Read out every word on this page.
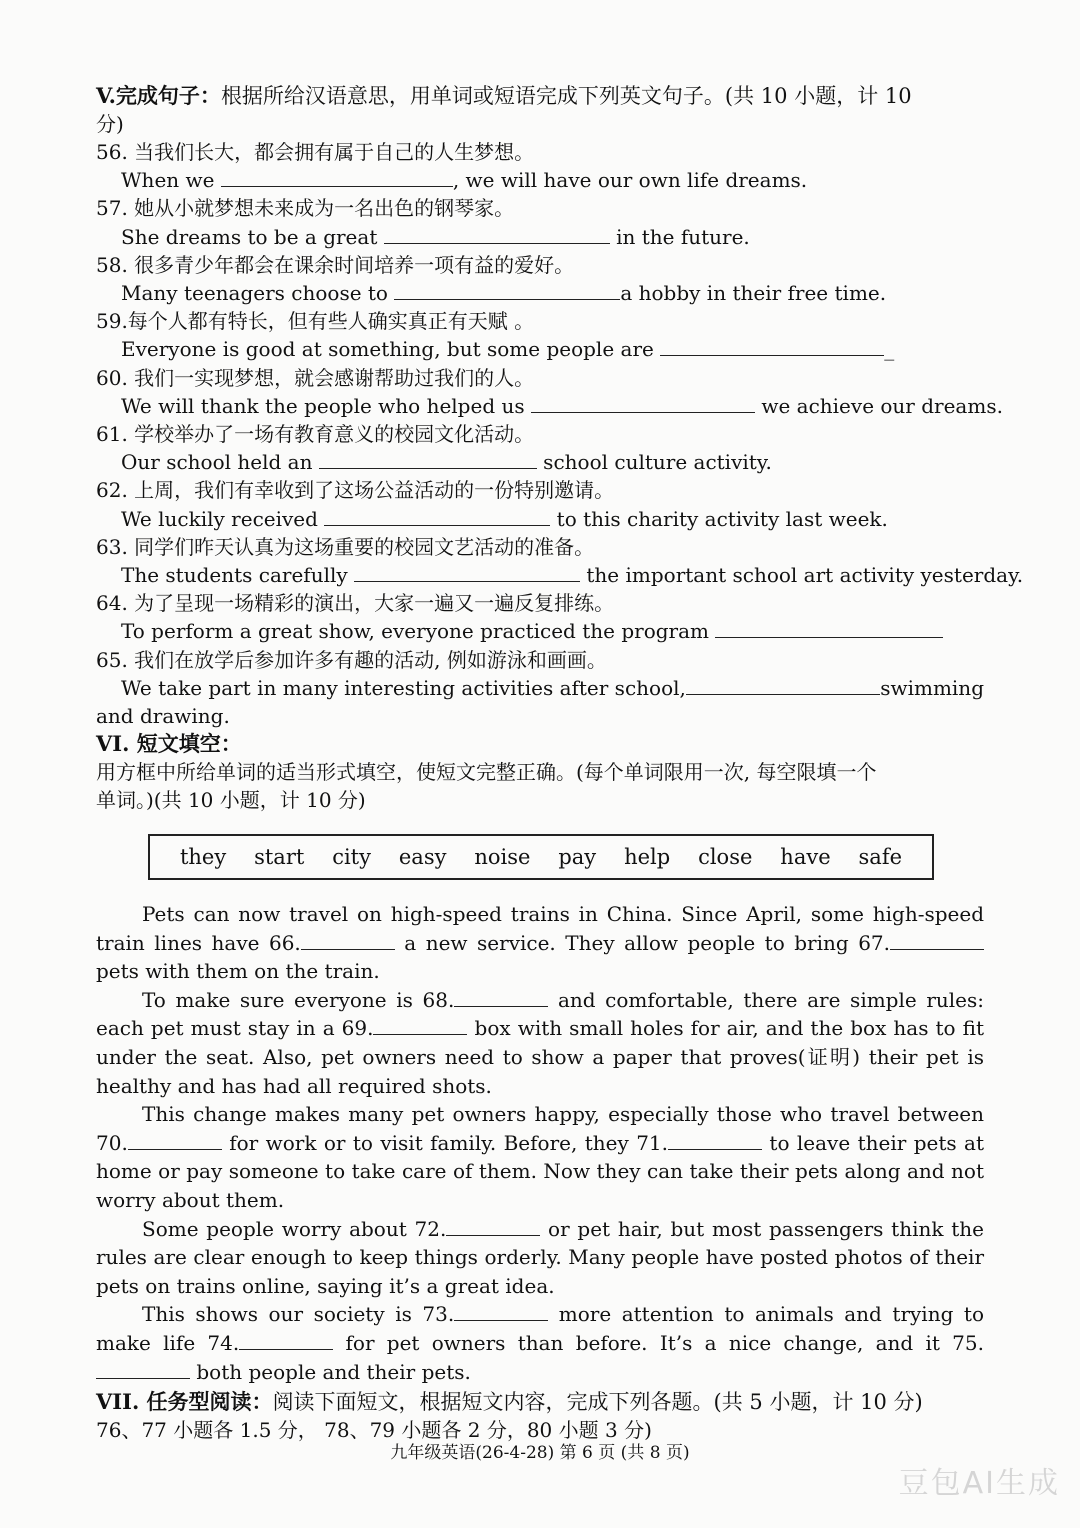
V.完成句子：根据所给汉语意思，用单词或短语完成下列英文句子。(共 10 小题，计 10
分)
56. 当我们长大，都会拥有属于自己的人生梦想。
When we	, we will have our own life dreams.
57. 她从小就梦想未来成为一名出色的钢琴家。
She dreams to be a great	in the future.
58. 很多青少年都会在课余时间培养一项有益的爱好。
Many teenagers choose to	a hobby in their free time.
59.每个人都有特长，但有些人确实真正有天赋 。
Everyone is good at something, but some people are	_
60. 我们一实现梦想，就会感谢帮助过我们的人。
We will thank the people who helped us	we achieve our dreams.
61. 学校举办了一场有教育意义的校园文化活动。
Our school held an	school culture activity.
62. 上周，我们有幸收到了这场公益活动的一份特别邀请。
We luckily received	to this charity activity last week.
63. 同学们昨天认真为这场重要的校园文艺活动的准备。
The students carefully	the important school art activity yesterday.
64. 为了呈现一场精彩的演出，大家一遍又一遍反复排练。
To perform a great show, everyone practiced the program
65. 我们在放学后参加许多有趣的活动, 例如游泳和画画。
We take part in many interesting activities after school,	swimming
and drawing.
VI. 短文填空：
用方框中所给单词的适当形式填空，使短文完整正确。(每个单词限用一次, 每空限填一个
单词。)(共 10 小题，计 10 分)
they start city easy noise pay help close have safe

Pets can now travel on high-speed trains in China. Since April, some high-speed train lines have 66.	a new service. They allow people to bring 67. pets with them on the train.

To make sure everyone is 68.	and comfortable, there are simple rules: each pet must stay in a 69.	box with small holes for air, and the box has to fit under the seat. Also, pet owners need to show a paper that proves(证明) their pet is healthy and has had all required shots.

This change makes many pet owners happy, especially those who travel between 70.	for work or to visit family. Before, they 71.	to leave their pets at home or pay someone to take care of them. Now they can take their pets along and not worry about them.

Some people worry about 72.	or pet hair, but most passengers think the rules are clear enough to keep things orderly. Many people have posted photos of their pets on trains online, saying it’s a great idea.

This shows our society is 73.	more attention to animals and trying to make life 74.	for pet owners than before. It’s a nice change, and it 75. both people and their pets.

VII. 任务型阅读：阅读下面短文，根据短文内容，完成下列各题。(共 5 小题，计 10 分)
76、77 小题各 1.5 分， 78、79 小题各 2 分，80 小题 3 分)
九年级英语(26-4-28) 第 6 页 (共 8 页)
豆包AI生成
